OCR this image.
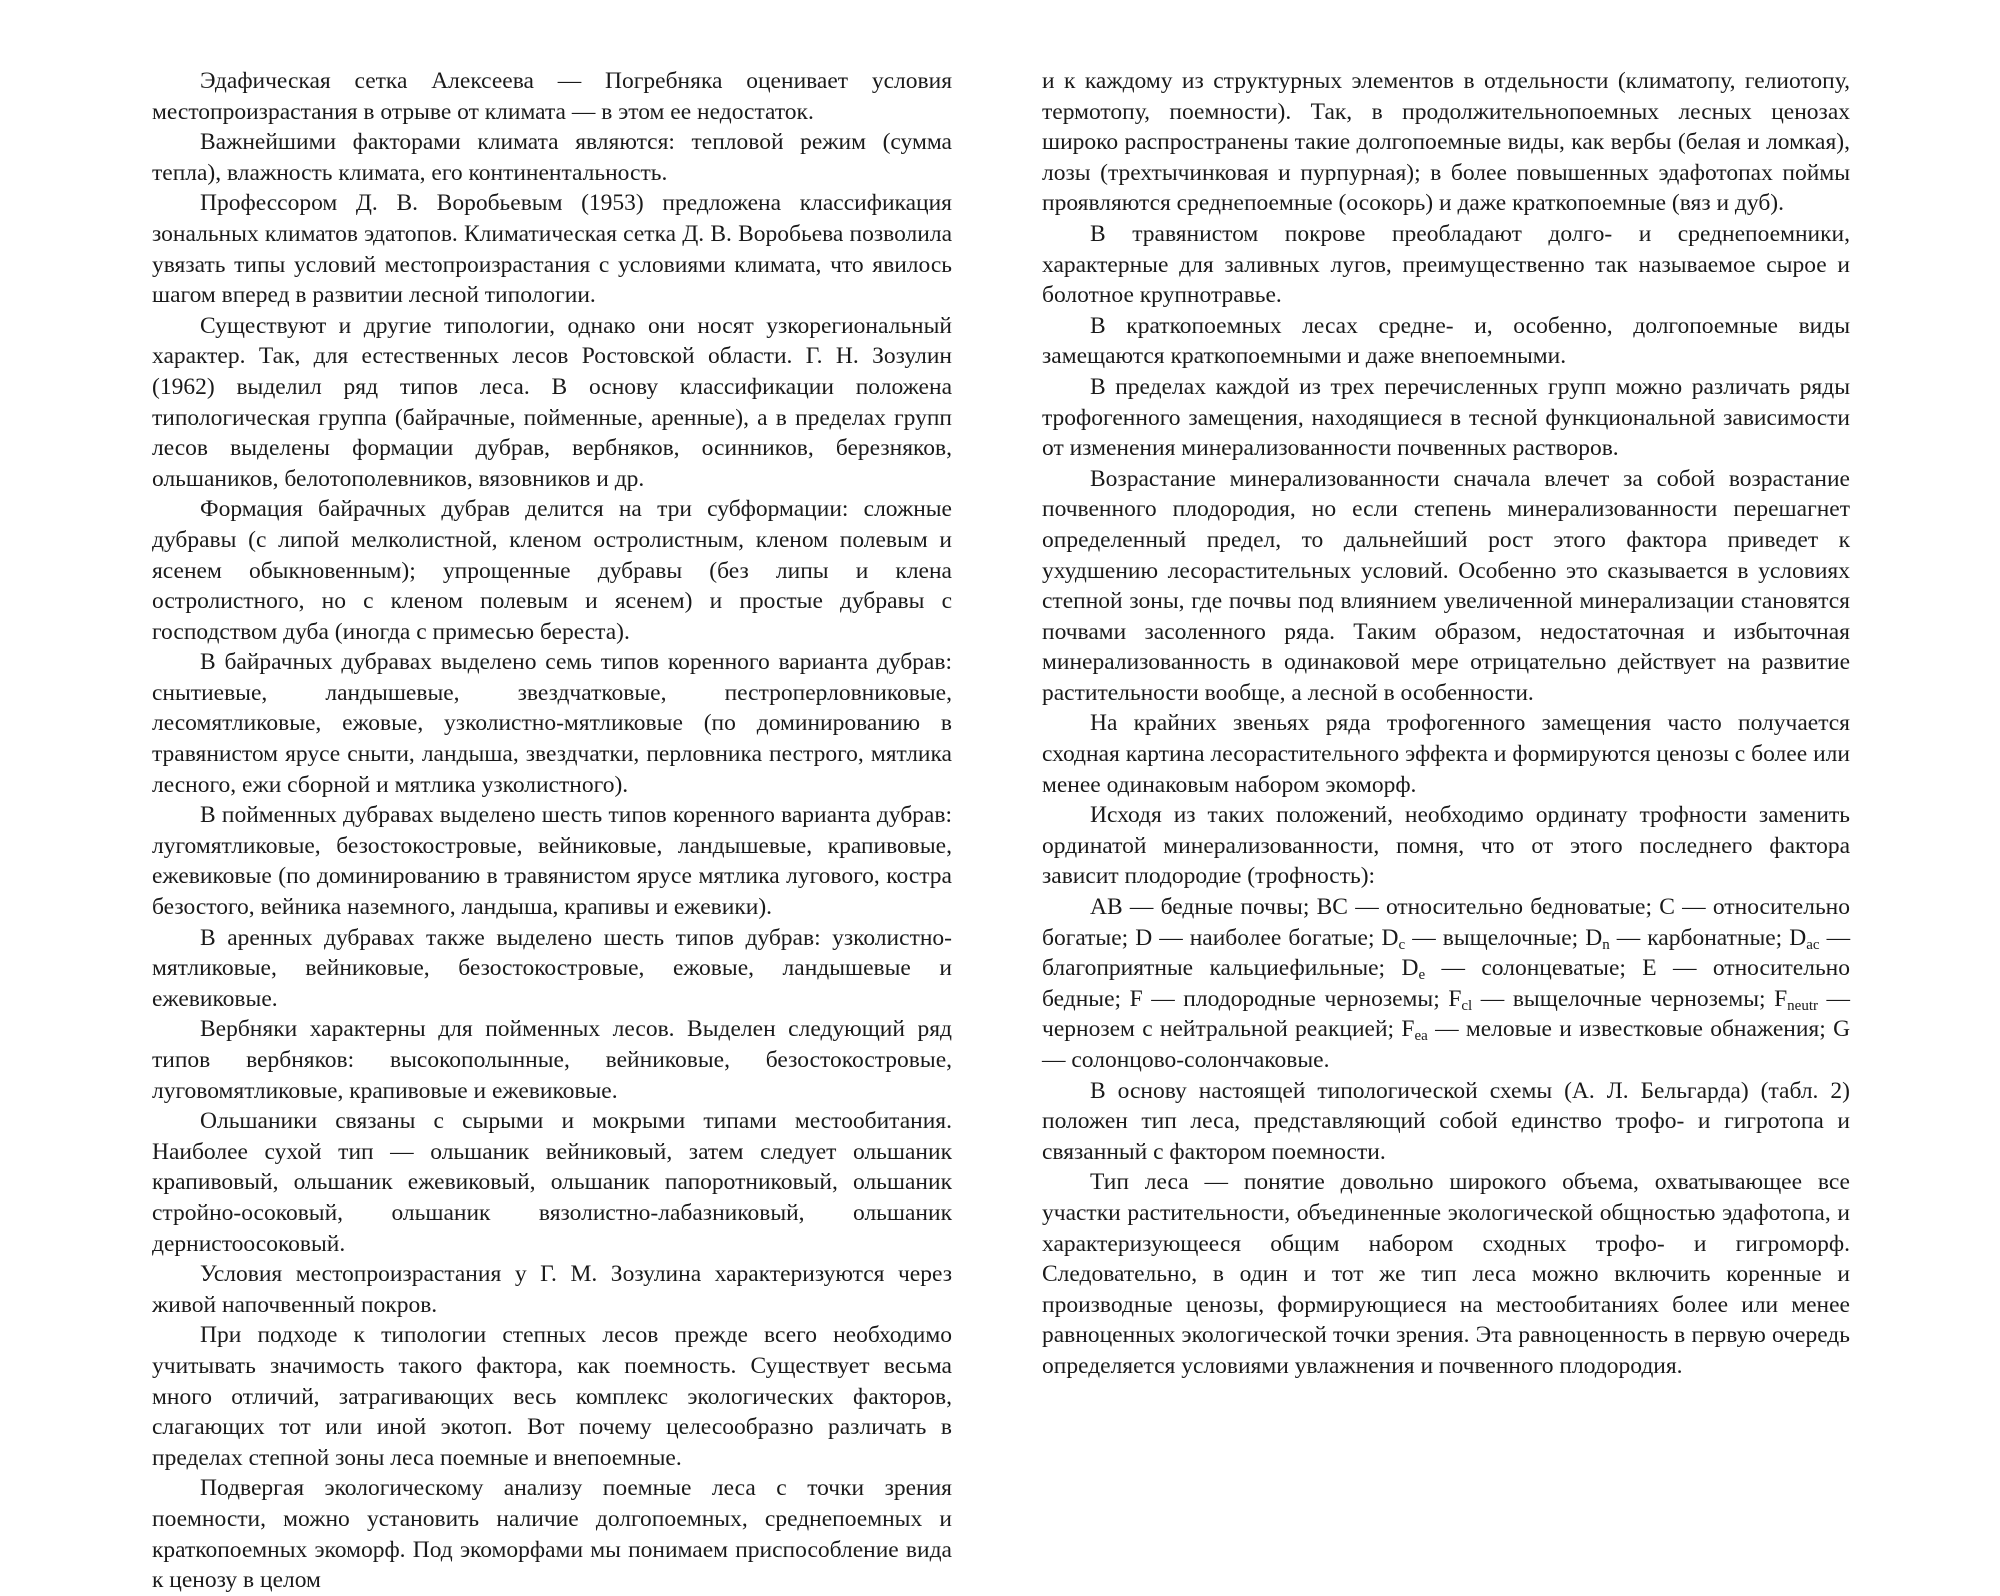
Эдафическая сетка Алексеева — Погребняка оценивает условия местопроизрастания в отрыве от климата — в этом ее недостаток.

Важнейшими факторами климата являются: тепловой режим (сумма тепла), влажность климата, его континентальность.

Профессором Д. В. Воробьевым (1953) предложена классификация зональных климатов эдатопов. Климатическая сетка Д. В. Воробьева позволила увязать типы условий местопроизрастания с условиями климата, что явилось шагом вперед в развитии лесной типологии.

Существуют и другие типологии, однако они носят узкорегиональный характер. Так, для естественных лесов Ростовской области. Г. Н. Зозулин (1962) выделил ряд типов леса. В основу классификации положена типологическая группа (байрачные, пойменные, аренные), а в пределах групп лесов выделены формации дубрав, вербняков, осинников, березняков, ольшаников, белотополевников, вязовников и др.

Формация байрачных дубрав делится на три субформации: сложные дубравы (с липой мелколистной, кленом остролистным, кленом полевым и ясенем обыкновенным); упрощенные дубравы (без липы и клена остролистного, но с кленом полевым и ясенем) и простые дубравы с господством дуба (иногда с примесью береста).

В байрачных дубравах выделено семь типов коренного варианта дубрав: снытиевые, ландышевые, звездчатковые, пестроперловниковые, лесомятликовые, ежовые, узколистно-мятликовые (по доминированию в травянистом ярусе сныти, ландыша, звездчатки, перловника пестрого, мятлика лесного, ежи сборной и мятлика узколистного).

В пойменных дубравах выделено шесть типов коренного варианта дубрав: лугомятликовые, безостокостровые, вейниковые, ландышевые, крапивовые, ежевиковые (по доминированию в травянистом ярусе мятлика лугового, костра безостого, вейника наземного, ландыша, крапивы и ежевики).

В аренных дубравах также выделено шесть типов дубрав: узколистно-мятликовые, вейниковые, безостокостровые, ежовые, ландышевые и ежевиковые.

Вербняки характерны для пойменных лесов. Выделен следующий ряд типов вербняков: высокополынные, вейниковые, безостокостровые, луговомятликовые, крапивовые и ежевиковые.

Ольшаники связаны с сырыми и мокрыми типами местообитания. Наиболее сухой тип — ольшаник вейниковый, затем следует ольшаник крапивовый, ольшаник ежевиковый, ольшаник папоротниковый, ольшаник стройно-осоковый, ольшаник вязолистно-лабазниковый, ольшаник дернистоосоковый.

Условия местопроизрастания у Г. М. Зозулина характеризуются через живой напочвенный покров.

При подходе к типологии степных лесов прежде всего необходимо учитывать значимость такого фактора, как поемность. Существует весьма много отличий, затрагивающих весь комплекс экологических факторов, слагающих тот или иной экотоп. Вот почему целесообразно различать в пределах степной зоны леса поемные и внепоемные.

Подвергая экологическому анализу поемные леса с точки зрения поемности, можно установить наличие долгопоемных, среднепоемных и краткопоемных экоморф. Под экоморфами мы понимаем приспособление вида к ценозу в целом

и к каждому из структурных элементов в отдельности (климатопу, гелиотопу, термотопу, поемности). Так, в продолжительнопоемных лесных ценозах широко распространены такие долгопоемные виды, как вербы (белая и ломкая), лозы (трехтычинковая и пурпурная); в более повышенных эдафотопах поймы проявляются среднепоемные (осокорь) и даже краткопоемные (вяз и дуб).

В травянистом покрове преобладают долго- и среднепоемники, характерные для заливных лугов, преимущественно так называемое сырое и болотное крупнотравье.

В краткопоемных лесах средне- и, особенно, долгопоемные виды замещаются краткопоемными и даже внепоемными.

В пределах каждой из трех перечисленных групп можно различать ряды трофогенного замещения, находящиеся в тесной функциональной зависимости от изменения минерализованности почвенных растворов.

Возрастание минерализованности сначала влечет за собой возрастание почвенного плодородия, но если степень минерализованности перешагнет определенный предел, то дальнейший рост этого фактора приведет к ухудшению лесорастительных условий. Особенно это сказывается в условиях степной зоны, где почвы под влиянием увеличенной минерализации становятся почвами засоленного ряда. Таким образом, недостаточная и избыточная минерализованность в одинаковой мере отрицательно действует на развитие растительности вообще, а лесной в особенности.

На крайних звеньях ряда трофогенного замещения часто получается сходная картина лесорастительного эффекта и формируются ценозы с более или менее одинаковым набором экоморф.

Исходя из таких положений, необходимо ординату трофности заменить ординатой минерализованности, помня, что от этого последнего фактора зависит плодородие (трофность):

АВ — бедные почвы; ВС — относительно бедноватые; С — относительно богатые; D — наиболее богатые; $D_c$ — выщелочные; $D_n$ — карбонатные; $D_{ac}$ — благоприятные кальциефильные; $D_e$ — солонцеватые; Е — относительно бедные; F — плодородные черноземы; $F_{cl}$ — выщелочные черноземы; $F_{neutr}$ — чернозем с нейтральной реакцией; $F_{ea}$ — меловые и известковые обнажения; G — солонцово-солончаковые.

В основу настоящей типологической схемы (А. Л. Бельгарда) (табл. 2) положен тип леса, представляющий собой единство трофо- и гигротопа и связанный с фактором поемности.

Тип леса — понятие довольно широкого объема, охватывающее все участки растительности, объединенные экологической общностью эдафотопа, и характеризующееся общим набором сходных трофо- и гигроморф. Следовательно, в один и тот же тип леса можно включить коренные и производные ценозы, формирующиеся на местообитаниях более или менее равноценных экологической точки зрения. Эта равноценность в первую очередь определяется условиями увлажнения и почвенного плодородия.
